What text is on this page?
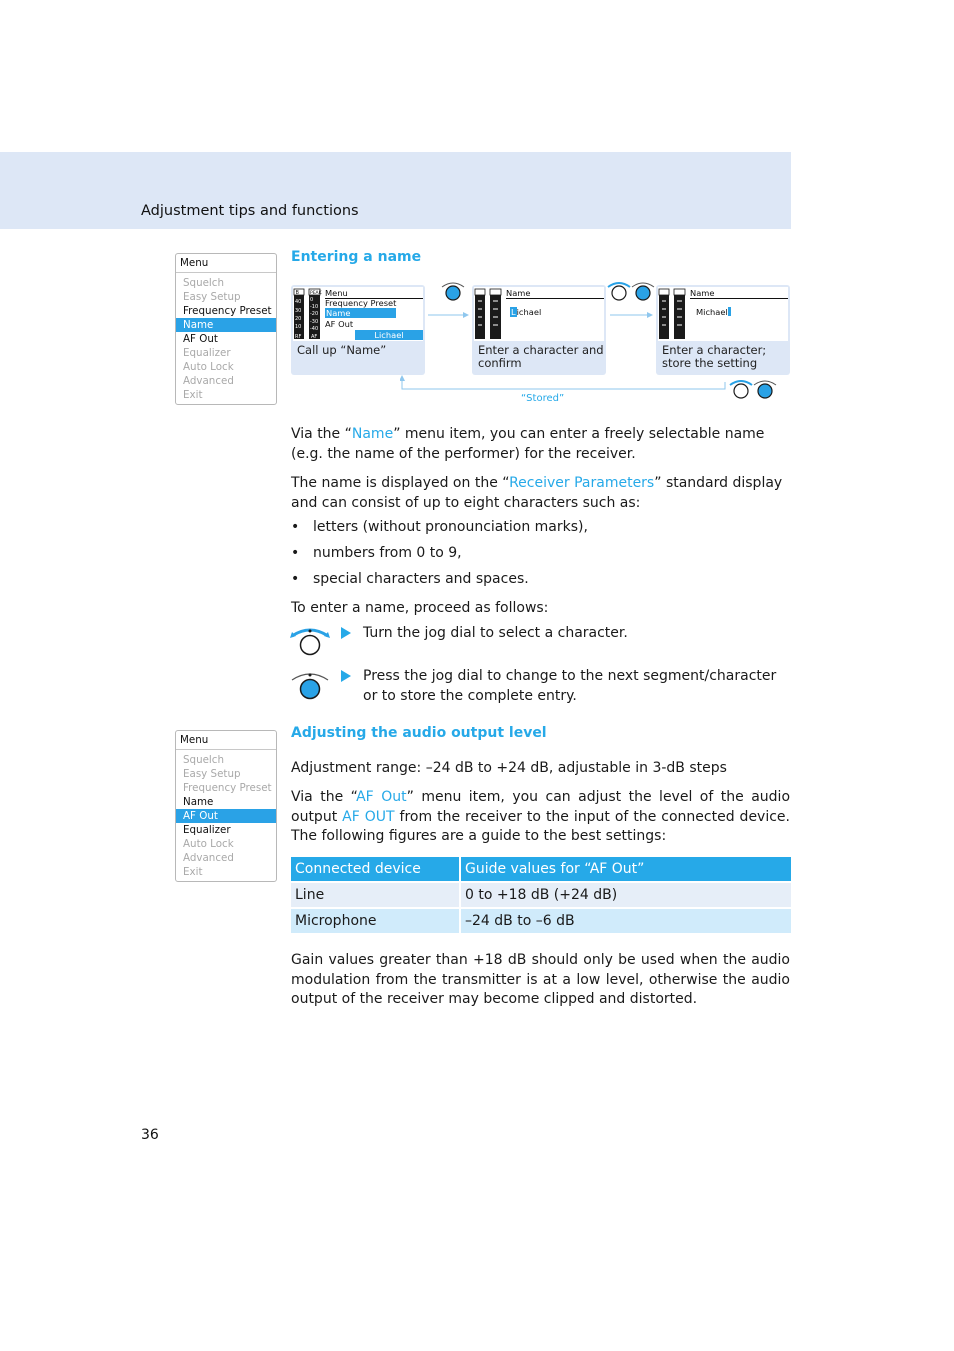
Adjustment tips and functions
Menu
Squelch
Easy Setup
Frequency Preset
Name
AF Out
Equalizer
Auto Lock
Advanced
Exit
Entering a name
B PEAK
40
30
20
10
0
-10
-20
-30
-40
RF AF
Menu
Frequency Preset
Name
AF Out
Lichael
Call up “Name”
Name
Lichael
Enter a character and confirm
Name
Michael
Enter a character; store the setting
“Stored”
Via the “Name” menu item, you can enter a freely selectable name (e.g. the name of the performer) for the receiver.
The name is displayed on the “Receiver Parameters” standard display and can consist of up to eight characters such as:
• letters (without pronounciation marks),
• numbers from 0 to 9,
• special characters and spaces.
To enter a name, proceed as follows:
Turn the jog dial to select a character.
Press the jog dial to change to the next segment/character or to store the complete entry.
Menu
Squelch
Easy Setup
Frequency Preset
Name
AF Out
Equalizer
Auto Lock
Advanced
Exit
Adjusting the audio output level
Adjustment range: –24 dB to +24 dB, adjustable in 3-dB steps
Via the “AF Out” menu item, you can adjust the level of the audio output AF OUT from the receiver to the input of the connected device. The following figures are a guide to the best settings:
Connected device	Guide values for “AF Out”
Line	0 to +18 dB (+24 dB)
Microphone	–24 dB to –6 dB
Gain values greater than +18 dB should only be used when the audio modulation from the transmitter is at a low level, otherwise the audio output of the receiver may become clipped and distorted.
36
